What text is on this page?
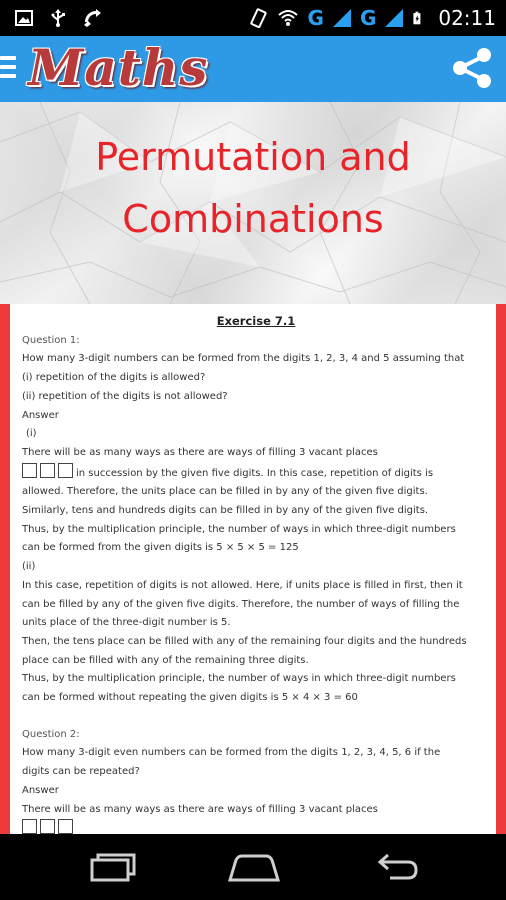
G G	02:11
Maths
Permutation and
Combinations
Exercise 7.1

Question 1:

How many 3-digit numbers can be formed from the digits 1, 2, 3, 4 and 5 assuming that

(i) repetition of the digits is allowed?

(ii) repetition of the digits is not allowed?

Answer

(i)

There will be as many ways as there are ways of filling 3 vacant places

in succession by the given five digits. In this case, repetition of digits is

allowed. Therefore, the units place can be filled in by any of the given five digits.

Similarly, tens and hundreds digits can be filled in by any of the given five digits.

Thus, by the multiplication principle, the number of ways in which three-digit numbers

can be formed from the given digits is 5 × 5 × 5 = 125

(ii)

In this case, repetition of digits is not allowed. Here, if units place is filled in first, then it

can be filled by any of the given five digits. Therefore, the number of ways of filling the

units place of the three-digit number is 5.

Then, the tens place can be filled with any of the remaining four digits and the hundreds

place can be filled with any of the remaining three digits.

Thus, by the multiplication principle, the number of ways in which three-digit numbers

can be formed without repeating the given digits is 5 × 4 × 3 = 60

Question 2:

How many 3-digit even numbers can be formed from the digits 1, 2, 3, 4, 5, 6 if the

digits can be repeated?

Answer

There will be as many ways as there are ways of filling 3 vacant places
